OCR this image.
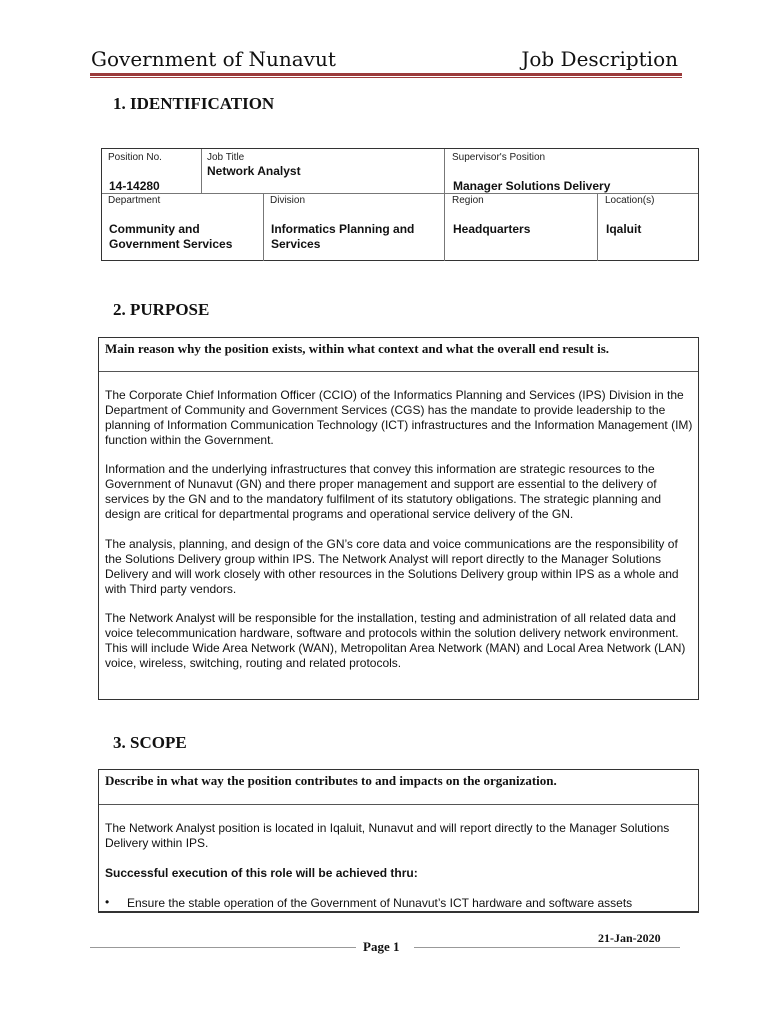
Government of Nunavut	Job Description
1. IDENTIFICATION
Position No.
14-14280
Job Title
Network Analyst
Supervisor's Position
Manager Solutions Delivery
Department
Community and
Government Services
Division
Informatics Planning and
Services
Region
Headquarters
Location(s)
Iqaluit
2. PURPOSE
Main reason why the position exists, within what context and what the overall end result is.

The Corporate Chief Information Officer (CCIO) of the Informatics Planning and Services (IPS) Division in the Department of Community and Government Services (CGS) has the mandate to provide leadership to the planning of Information Communication Technology (ICT) infrastructures and the Information Management (IM) function within the Government.

Information and the underlying infrastructures that convey this information are strategic resources to the Government of Nunavut (GN) and there proper management and support are essential to the delivery of services by the GN and to the mandatory fulfilment of its statutory obligations. The strategic planning and design are critical for departmental programs and operational service delivery of the GN.

The analysis, planning, and design of the GN’s core data and voice communications are the responsibility of the Solutions Delivery group within IPS. The Network Analyst will report directly to the Manager Solutions Delivery and will work closely with other resources in the Solutions Delivery group within IPS as a whole and with Third party vendors.

The Network Analyst will be responsible for the installation, testing and administration of all related data and voice telecommunication hardware, software and protocols within the solution delivery network environment. This will include Wide Area Network (WAN), Metropolitan Area Network (MAN) and Local Area Network (LAN) voice, wireless, switching, routing and related protocols.

3. SCOPE
Describe in what way the position contributes to and impacts on the organization.

The Network Analyst position is located in Iqaluit, Nunavut and will report directly to the Manager Solutions Delivery within IPS.

Successful execution of this role will be achieved thru:

• Ensure the stable operation of the Government of Nunavut’s ICT hardware and software assets

Page 1
21-Jan-2020
